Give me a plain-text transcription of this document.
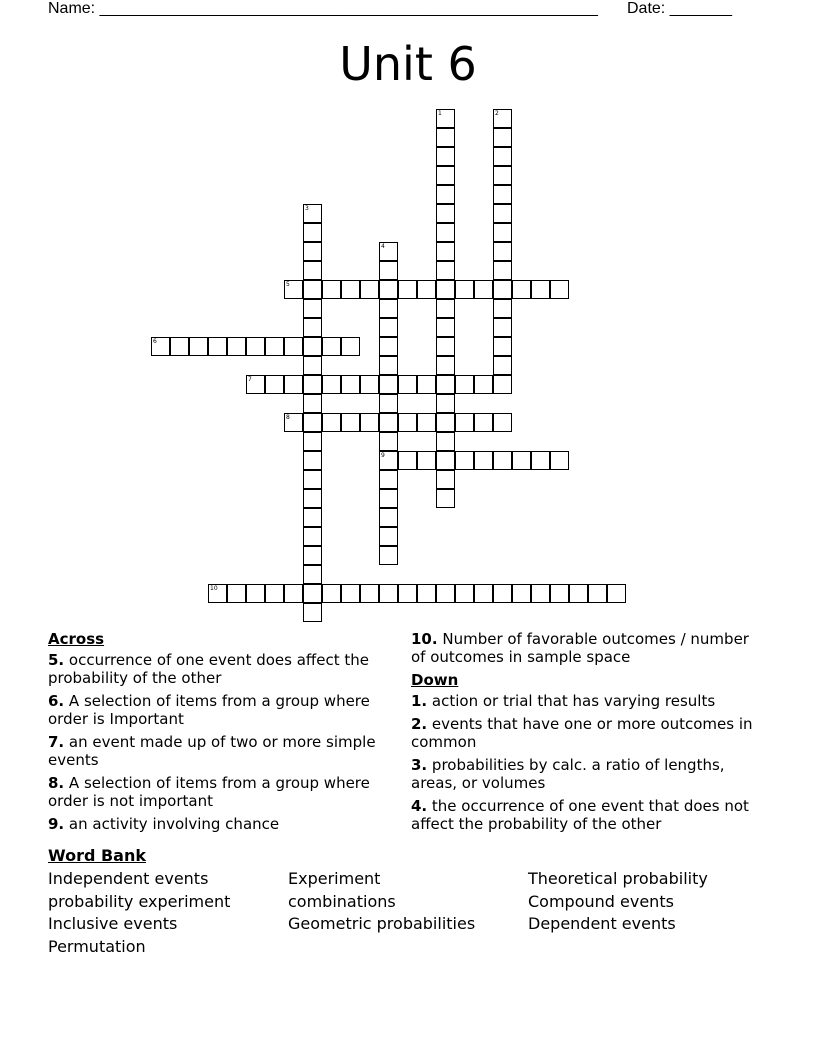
Name: ________________________________________________________ Date: _______
Unit 6
1	2
3
4
9
5
6
7
8
10
Across
5. occurrence of one event does affect the probability of the other
6. A selection of items from a group where order is Important
7. an event made up of two or more simple events
8. A selection of items from a group where order is not important
9. an activity involving chance
10. Number of favorable outcomes / number of outcomes in sample space
Down
1. action or trial that has varying results
2. events that have one or more outcomes in common
3. probabilities by calc. a ratio of lengths, areas, or volumes
4. the occurrence of one event that does not affect the probability of the other
Word Bank
Independent events	Experiment	Theoretical probability
probability experiment	combinations	Compound events
Inclusive events	Geometric probabilities	Dependent events
Permutation
